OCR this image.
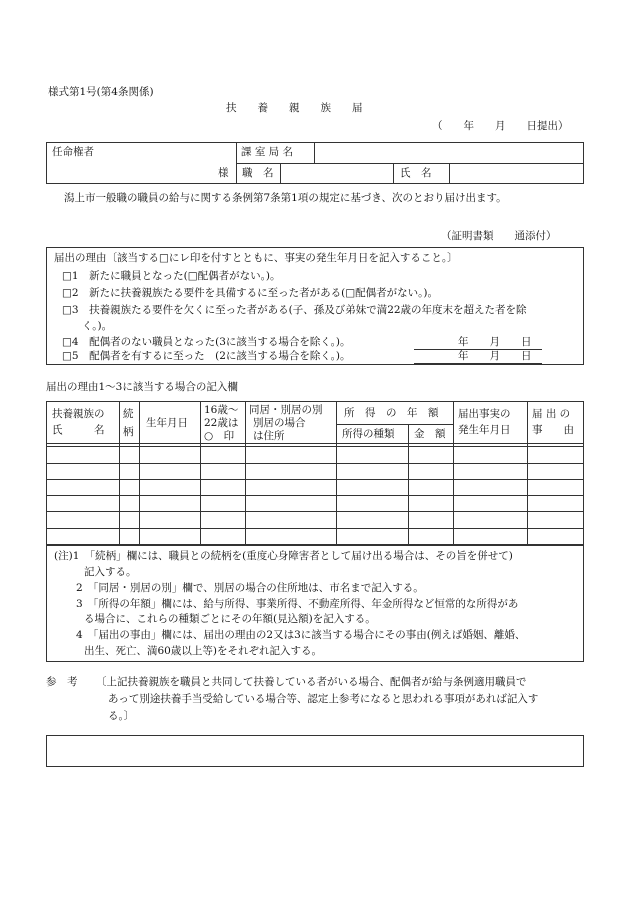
様式第1号(第4条関係)
扶　　養　　親　　族　　届
（　　年　　月　　日提出）
任命権者
様
課 室 局 名
職　名	氏　名
潟上市一般職の職員の給与に関する条例第7条第1項の規定に基づき、次のとおり届け出ます。
（証明書類　　通添付）
届出の理由〔該当する□にレ印を付すとともに、事実の発生年月日を記入すること。〕
□1　新たに職員となった(□配偶者がない。)。
□2　新たに扶養親族たる要件を具備するに至った者がある(□配偶者がない。)。
□3　扶養親族たる要件を欠くに至った者がある(子、孫及び弟妹で満22歳の年度末を超えた者を除
く。)。
□4　配偶者のない職員となった(3に該当する場合を除く。)。
□5　配偶者を有するに至った　(2に該当する場合を除く。)。
年　　月　　日
年　　月　　日
届出の理由1～3に該当する場合の記入欄
扶養親族の
氏　　　名
続
柄
生年月日
16歳～
22歳は
○　印
同居・別居の別
別居の場合
は住所
所　得　の　年　額
所得の種類 金　額
届出事実の
発生年月日
届 出 の
事　　由
(注)1　「続柄」欄には、職員との続柄を(重度心身障害者として届け出る場合は、その旨を併せて)
記入する。
2　「同居・別居の別」欄で、別居の場合の住所地は、市名まで記入する。
3　「所得の年額」欄には、給与所得、事業所得、不動産所得、年金所得など恒常的な所得があ
る場合に、これらの種類ごとにその年額(見込額)を記入する。
4　「届出の事由」欄には、届出の理由の2又は3に該当する場合にその事由(例えば婚姻、離婚、
出生、死亡、満60歳以上等)をそれぞれ記入する。
参　考 〔上記扶養親族を職員と共同して扶養している者がいる場合、配偶者が給与条例適用職員で
あって別途扶養手当受給している場合等、認定上参考になると思われる事項があれば記入す
る。〕
